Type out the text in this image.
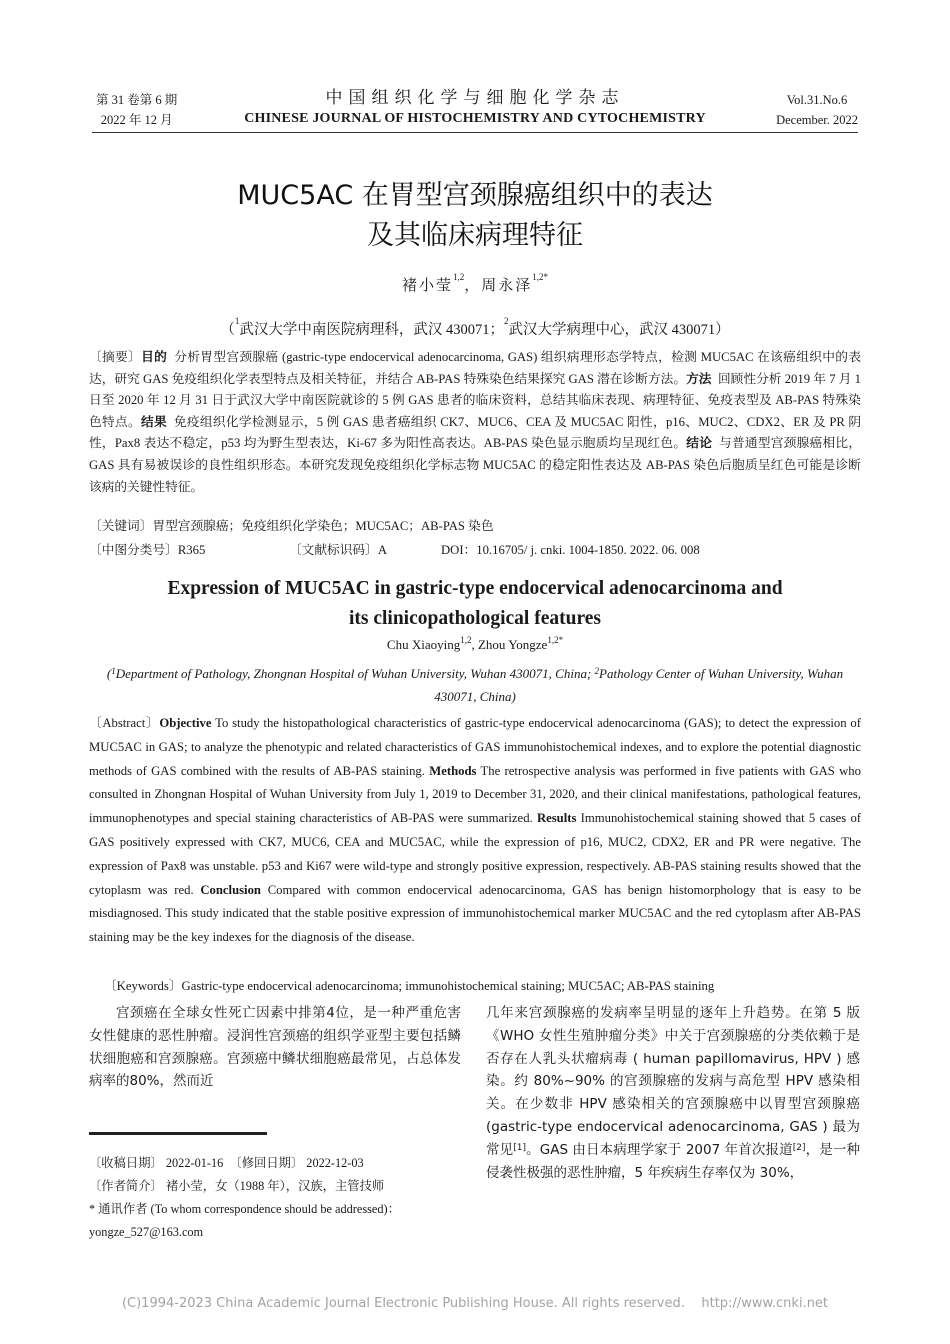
第 31 卷第 6 期
2022 年 12 月
中国组织化学与细胞化学杂志
CHINESE JOURNAL OF HISTOCHEMISTRY AND CYTOCHEMISTRY
Vol.31.No.6
December. 2022
MUC5AC 在胃型宫颈腺癌组织中的表达
及其临床病理特征
褚小莹$^{1,2}$，周永泽$^{1,2*}$
（$^1$武汉大学中南医院病理科，武汉 430071；$^2$武汉大学病理中心，武汉 430071）
〔摘要〕目的 分析胃型宫颈腺癌 (gastric-type endocervical adenocarcinoma, GAS) 组织病理形态学特点，检测 MUC5AC 在该癌组织中的表达，研究 GAS 免疫组织化学表型特点及相关特征，并结合 AB-PAS 特殊染色结果探究 GAS 潜在诊断方法。方法 回顾性分析 2019 年 7 月 1 日至 2020 年 12 月 31 日于武汉大学中南医院就诊的 5 例 GAS 患者的临床资料，总结其临床表现、病理特征、免疫表型及 AB-PAS 特殊染色特点。结果 免疫组织化学检测显示，5 例 GAS 患者癌组织 CK7、MUC6、CEA 及 MUC5AC 阳性，p16、MUC2、CDX2、ER 及 PR 阴性，Pax8 表达不稳定，p53 均为野生型表达，Ki-67 多为阳性高表达。AB-PAS 染色显示胞质均呈现红色。结论 与普通型宫颈腺癌相比，GAS 具有易被误诊的良性组织形态。本研究发现免疫组织化学标志物 MUC5AC 的稳定阳性表达及 AB-PAS 染色后胞质呈红色可能是诊断该病的关键性特征。
〔关键词〕胃型宫颈腺癌；免疫组织化学染色；MUC5AC；AB-PAS 染色
〔中图分类号〕R365	〔文献标识码〕A	DOI：10.16705/ j. cnki. 1004-1850. 2022. 06. 008
Expression of MUC5AC in gastric-type endocervical adenocarcinoma and
its clinicopathological features
Chu Xiaoying$^{1,2}$, Zhou Yongze$^{1,2*}$
($^1$Department of Pathology, Zhongnan Hospital of Wuhan University, Wuhan 430071, China; $^2$Pathology Center of Wuhan University, Wuhan 430071, China)
〔Abstract〕Objective To study the histopathological characteristics of gastric-type endocervical adenocarcinoma (GAS); to detect the expression of MUC5AC in GAS; to analyze the phenotypic and related characteristics of GAS immunohistochemical indexes, and to explore the potential diagnostic methods of GAS combined with the results of AB-PAS staining. Methods The retrospective analysis was performed in five patients with GAS who consulted in Zhongnan Hospital of Wuhan University from July 1, 2019 to December 31, 2020, and their clinical manifestations, pathological features, immunophenotypes and special staining characteristics of AB-PAS were summarized. Results Immunohistochemical staining showed that 5 cases of GAS positively expressed with CK7, MUC6, CEA and MUC5AC, while the expression of p16, MUC2, CDX2, ER and PR were negative. The expression of Pax8 was unstable. p53 and Ki67 were wild-type and strongly positive expression, respectively. AB-PAS staining results showed that the cytoplasm was red. Conclusion Compared with common endocervical adenocarcinoma, GAS has benign histomorphology that is easy to be misdiagnosed. This study indicated that the stable positive expression of immunohistochemical marker MUC5AC and the red cytoplasm after AB-PAS staining may be the key indexes for the diagnosis of the disease.
〔Keywords〕Gastric-type endocervical adenocarcinoma; immunohistochemical staining; MUC5AC; AB-PAS staining
宫颈癌在全球女性死亡因素中排第4位，是一种严重危害女性健康的恶性肿瘤。浸润性宫颈癌的组织学亚型主要包括鳞状细胞癌和宫颈腺癌。宫颈癌中鳞状细胞癌最常见，占总体发病率的80%，然而近
几年来宫颈腺癌的发病率呈明显的逐年上升趋势。在第 5 版《WHO 女性生殖肿瘤分类》中关于宫颈腺癌的分类依赖于是否存在人乳头状瘤病毒 ( human papillomavirus, HPV ) 感染。约 80%~90% 的宫颈腺癌的发病与高危型 HPV 感染相关。在少数非 HPV 感染相关的宫颈腺癌中以胃型宫颈腺癌 (gastric-type endocervical adenocarcinoma, GAS ) 最为常见[1]。GAS 由日本病理学家于 2007 年首次报道[2]，是一种侵袭性极强的恶性肿瘤，5 年疾病生存率仅为 30%，
〔收稿日期〕 2022-01-16 〔修回日期〕 2022-12-03
〔作者简介〕 褚小莹，女（1988 年），汉族，主管技师
* 通讯作者 (To whom correspondence should be addressed)：
yongze_527@163.com
(C)1994-2023 China Academic Journal Electronic Publishing House. All rights reserved.    http://www.cnki.net
